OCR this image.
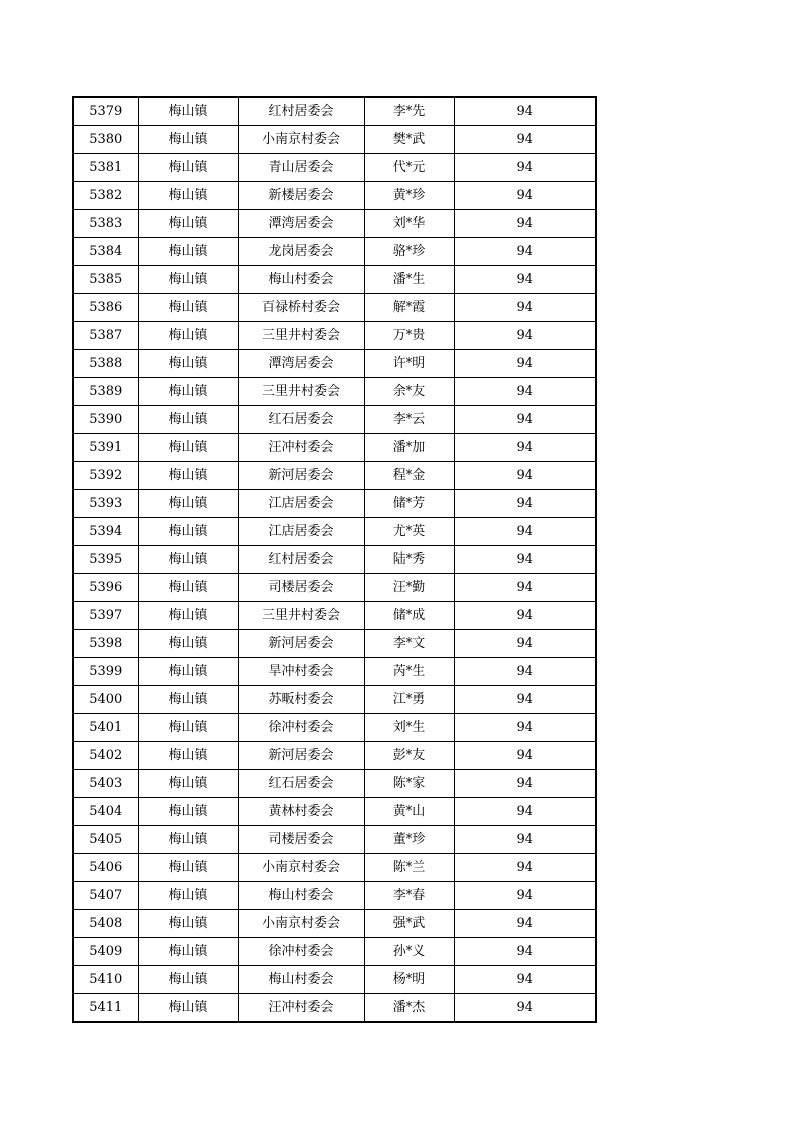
5379	梅山镇	红村居委会	李*先	94
5380	梅山镇	小南京村委会	樊*武	94
5381	梅山镇	青山居委会	代*元	94
5382	梅山镇	新楼居委会	黄*珍	94
5383	梅山镇	潭湾居委会	刘*华	94
5384	梅山镇	龙岗居委会	骆*珍	94
5385	梅山镇	梅山村委会	潘*生	94
5386	梅山镇	百禄桥村委会	解*霞	94
5387	梅山镇	三里井村委会	万*贵	94
5388	梅山镇	潭湾居委会	许*明	94
5389	梅山镇	三里井村委会	余*友	94
5390	梅山镇	红石居委会	李*云	94
5391	梅山镇	汪冲村委会	潘*加	94
5392	梅山镇	新河居委会	程*金	94
5393	梅山镇	江店居委会	储*芳	94
5394	梅山镇	江店居委会	尤*英	94
5395	梅山镇	红村居委会	陆*秀	94
5396	梅山镇	司楼居委会	汪*勤	94
5397	梅山镇	三里井村委会	储*成	94
5398	梅山镇	新河居委会	李*文	94
5399	梅山镇	旱冲村委会	芮*生	94
5400	梅山镇	苏畈村委会	江*勇	94
5401	梅山镇	徐冲村委会	刘*生	94
5402	梅山镇	新河居委会	彭*友	94
5403	梅山镇	红石居委会	陈*家	94
5404	梅山镇	黄林村委会	黄*山	94
5405	梅山镇	司楼居委会	董*珍	94
5406	梅山镇	小南京村委会	陈*兰	94
5407	梅山镇	梅山村委会	李*春	94
5408	梅山镇	小南京村委会	强*武	94
5409	梅山镇	徐冲村委会	孙*义	94
5410	梅山镇	梅山村委会	杨*明	94
5411	梅山镇	汪冲村委会	潘*杰	94
